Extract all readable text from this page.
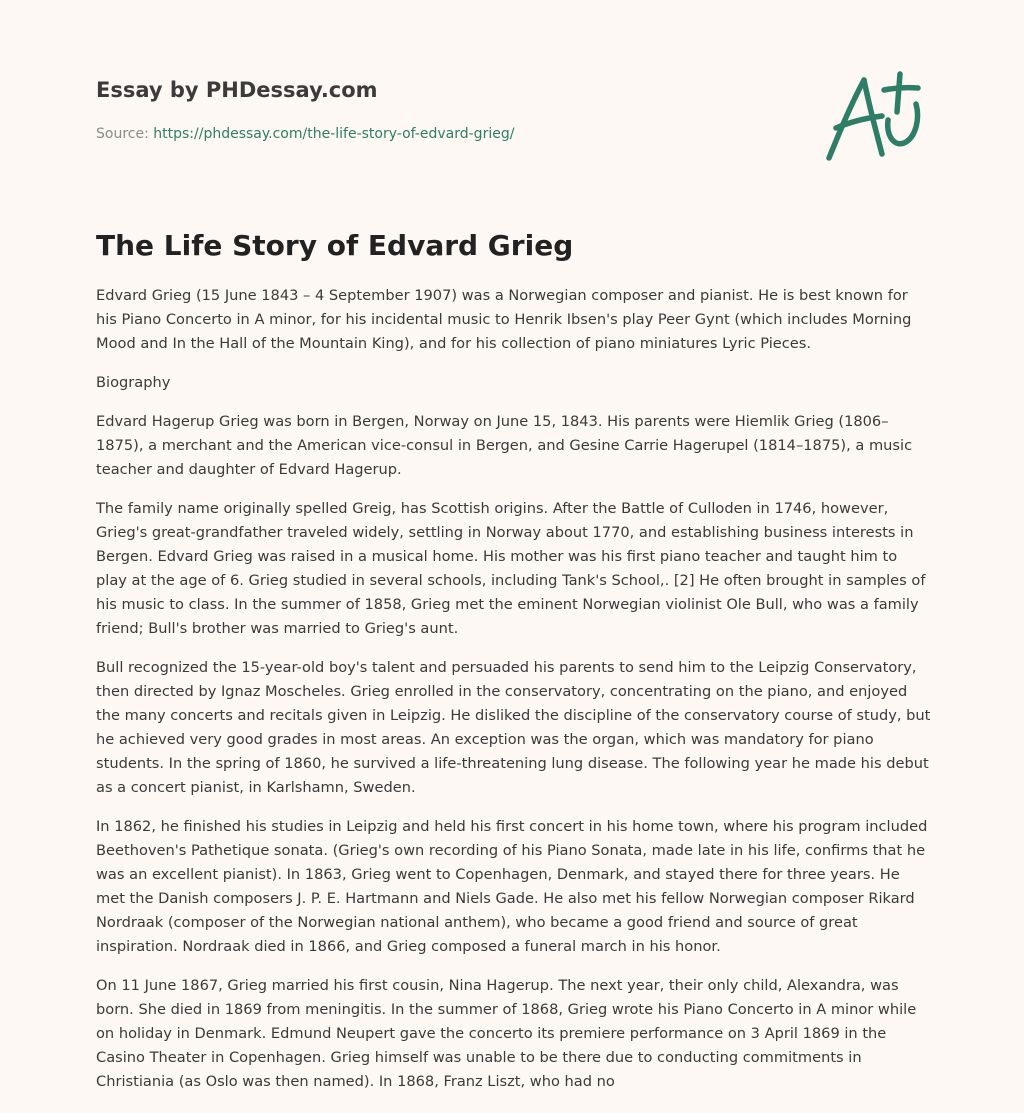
Essay by PHDessay.com
Source: https://phdessay.com/the-life-story-of-edvard-grieg/
The Life Story of Edvard Grieg

Edvard Grieg (15 June 1843 – 4 September 1907) was a Norwegian composer and pianist. He is best known for his Piano Concerto in A minor, for his incidental music to Henrik Ibsen's play Peer Gynt (which includes Morning Mood and In the Hall of the Mountain King), and for his collection of piano miniatures Lyric Pieces.

Biography

Edvard Hagerup Grieg was born in Bergen, Norway on June 15, 1843. His parents were Hiemlik Grieg (1806–1875), a merchant and the American vice-consul in Bergen, and Gesine Carrie Hagerupel (1814–1875), a music teacher and daughter of Edvard Hagerup.

The family name originally spelled Greig, has Scottish origins. After the Battle of Culloden in 1746, however, Grieg's great-grandfather traveled widely, settling in Norway about 1770, and establishing business interests in Bergen. Edvard Grieg was raised in a musical home. His mother was his first piano teacher and taught him to play at the age of 6. Grieg studied in several schools, including Tank's School,. [2] He often brought in samples of his music to class. In the summer of 1858, Grieg met the eminent Norwegian violinist Ole Bull, who was a family friend; Bull's brother was married to Grieg's aunt.

Bull recognized the 15-year-old boy's talent and persuaded his parents to send him to the Leipzig Conservatory, then directed by Ignaz Moscheles. Grieg enrolled in the conservatory, concentrating on the piano, and enjoyed the many concerts and recitals given in Leipzig. He disliked the discipline of the conservatory course of study, but he achieved very good grades in most areas. An exception was the organ, which was mandatory for piano students. In the spring of 1860, he survived a life-threatening lung disease. The following year he made his debut as a concert pianist, in Karlshamn, Sweden.

In 1862, he finished his studies in Leipzig and held his first concert in his home town, where his program included Beethoven's Pathetique sonata. (Grieg's own recording of his Piano Sonata, made late in his life, confirms that he was an excellent pianist). In 1863, Grieg went to Copenhagen, Denmark, and stayed there for three years. He met the Danish composers J. P. E. Hartmann and Niels Gade. He also met his fellow Norwegian composer Rikard Nordraak (composer of the Norwegian national anthem), who became a good friend and source of great inspiration. Nordraak died in 1866, and Grieg composed a funeral march in his honor.

On 11 June 1867, Grieg married his first cousin, Nina Hagerup. The next year, their only child, Alexandra, was born. She died in 1869 from meningitis. In the summer of 1868, Grieg wrote his Piano Concerto in A minor while on holiday in Denmark. Edmund Neupert gave the concerto its premiere performance on 3 April 1869 in the Casino Theater in Copenhagen. Grieg himself was unable to be there due to conducting commitments in Christiania (as Oslo was then named). In 1868, Franz Liszt, who had no
